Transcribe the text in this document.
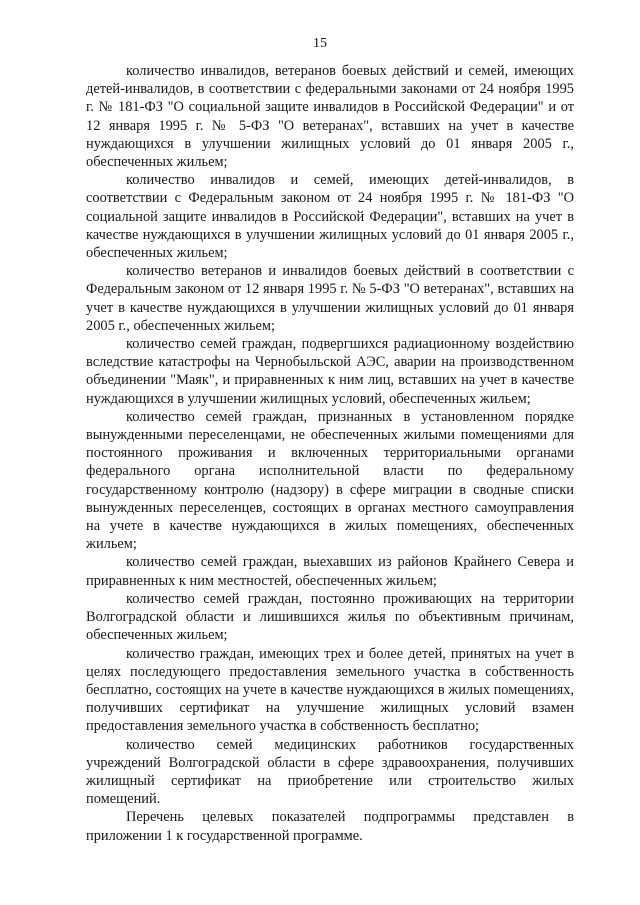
15

количество инвалидов, ветеранов боевых действий и семей, имеющих детей-инвалидов, в соответствии с федеральными законами от 24 ноября 1995 г. № 181-ФЗ "О социальной защите инвалидов в Российской Федерации" и от 12 января 1995 г. № 5-ФЗ "О ветеранах", вставших на учет в качестве нуждающихся в улучшении жилищных условий до 01 января 2005 г., обеспеченных жильем;

количество инвалидов и семей, имеющих детей-инвалидов, в соответствии с Федеральным законом от 24 ноября 1995 г. № 181-ФЗ "О социальной защите инвалидов в Российской Федерации", вставших на учет в качестве нуждающихся в улучшении жилищных условий до 01 января 2005 г., обеспеченных жильем;

количество ветеранов и инвалидов боевых действий в соответствии с Федеральным законом от 12 января 1995 г. № 5-ФЗ "О ветеранах", вставших на учет в качестве нуждающихся в улучшении жилищных условий до 01 января 2005 г., обеспеченных жильем;

количество семей граждан, подвергшихся радиационному воздействию вследствие катастрофы на Чернобыльской АЭС, аварии на производственном объединении "Маяк", и приравненных к ним лиц, вставших на учет в качестве нуждающихся в улучшении жилищных условий, обеспеченных жильем;

количество семей граждан, признанных в установленном порядке вынужденными переселенцами, не обеспеченных жилыми помещениями для постоянного проживания и включенных территориальными органами федерального органа исполнительной власти по федеральному государственному контролю (надзору) в сфере миграции в сводные списки вынужденных переселенцев, состоящих в органах местного самоуправления на учете в качестве нуждающихся в жилых помещениях, обеспеченных жильем;

количество семей граждан, выехавших из районов Крайнего Севера и приравненных к ним местностей, обеспеченных жильем;

количество семей граждан, постоянно проживающих на территории Волгоградской области и лишившихся жилья по объективным причинам, обеспеченных жильем;

количество граждан, имеющих трех и более детей, принятых на учет в целях последующего предоставления земельного участка в собственность бесплатно, состоящих на учете в качестве нуждающихся в жилых помещениях, получивших сертификат на улучшение жилищных условий взамен предоставления земельного участка в собственность бесплатно;

количество семей медицинских работников государственных учреждений Волгоградской области в сфере здравоохранения, получивших жилищный сертификат на приобретение или строительство жилых помещений.

Перечень целевых показателей подпрограммы представлен в приложении 1 к государственной программе.
